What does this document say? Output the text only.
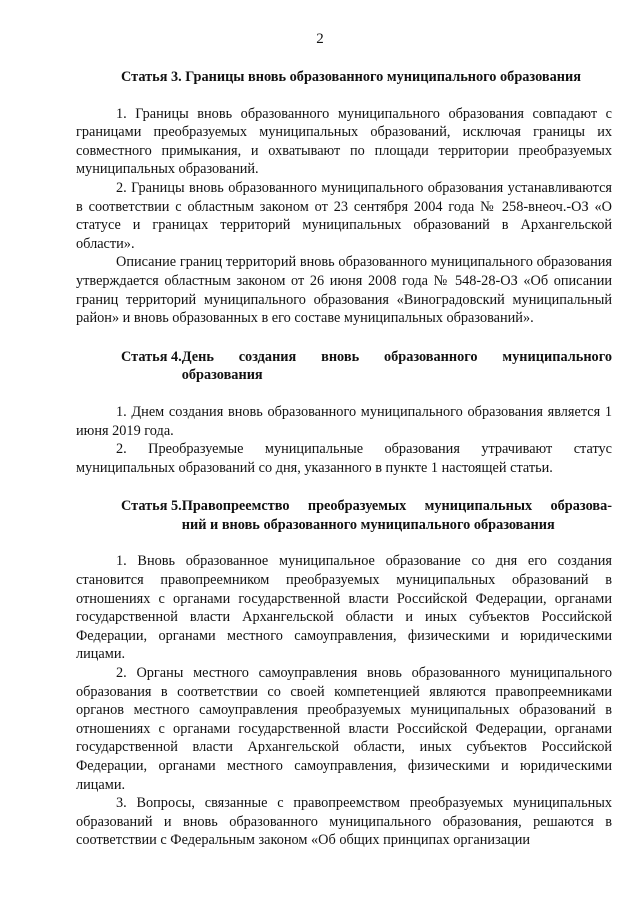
2
Статья 3 . Границы вновь образованного муниципального образования

1. Границы вновь образованного муниципального образования совпадают с границами преобразуемых муниципальных образований, исключая границы их совместного примыкания, и охватывают по площади территории преобразуемых муниципальных образований.

2. Границы вновь образованного муниципального образования устанавливаются в соответствии с областным законом от 23 сентября 2004 года № 258-внеоч.-ОЗ «О статусе и границах территорий муниципальных образований в Архангельской области».

Описание границ территорий вновь образованного муниципального образования утверждается областным законом от 26 июня 2008 года № 548-28-ОЗ «Об описании границ территорий муниципального образования «Виноградовский муниципальный район» и вновь образованных в его составе муниципальных образований».

Статья 4. День создания вновь образованного муниципального
образования

1. Днем создания вновь образованного муниципального образования является 1 июня 2019 года.

2. Преобразуемые муниципальные образования утрачивают статус муниципальных образований со дня, указанного в пункте 1 настоящей статьи.

Статья 5. Правопреемство преобразуемых муниципальных образова-
ний и вновь образованного муниципального образования

1. Вновь образованное муниципальное образование со дня его создания становится правопреемником преобразуемых муниципальных образований в отношениях с органами государственной власти Российской Федерации, органами государственной власти Архангельской области и иных субъектов Российской Федерации, органами местного самоуправления, физическими и юридическими лицами.

2. Органы местного самоуправления вновь образованного муниципального образования в соответствии со своей компетенцией являются правопреемниками органов местного самоуправления преобразуемых муниципальных образований в отношениях с органами государственной власти Российской Федерации, органами государственной власти Архангельской области, иных субъектов Российской Федерации, органами местного самоуправления, физическими и юридическими лицами.

3. Вопросы, связанные с правопреемством преобразуемых муниципальных образований и вновь образованного муниципального образования, решаются в соответствии с Федеральным законом «Об общих принципах организации
